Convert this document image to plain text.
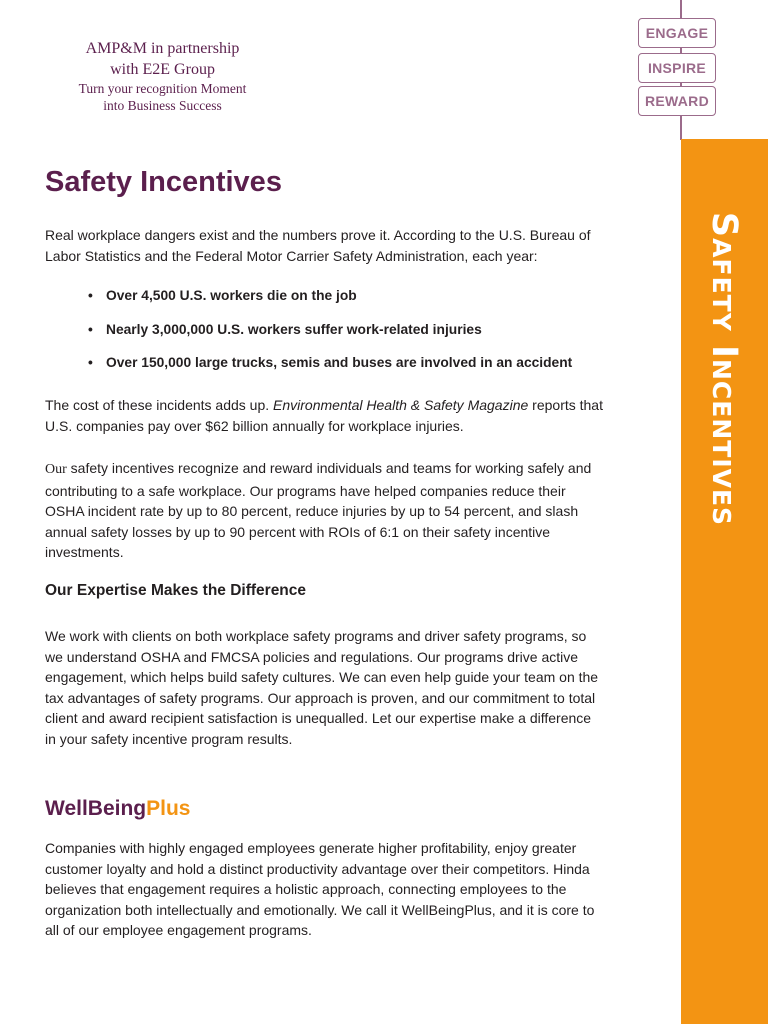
AMP&M in partnership
with E2E Group
Turn your recognition Moment
into Business Success
ENGAGE
INSPIRE
REWARD
Safety Incentives
Safety Incentives

Real workplace dangers exist and the numbers prove it. According to the U.S. Bureau of Labor Statistics and the Federal Motor Carrier Safety Administration, each year:

• Over 4,500 U.S. workers die on the job
• Nearly 3,000,000 U.S. workers suffer work-related injuries
• Over 150,000 large trucks, semis and buses are involved in an accident

The cost of these incidents adds up. Environmental Health & Safety Magazine reports that U.S. companies pay over $62 billion annually for workplace injuries.

Our safety incentives recognize and reward individuals and teams for working safely and contributing to a safe workplace. Our programs have helped companies reduce their OSHA incident rate by up to 80 percent, reduce injuries by up to 54 percent, and slash annual safety losses by up to 90 percent with ROIs of 6:1 on their safety incentive investments.

Our Expertise Makes the Difference

We work with clients on both workplace safety programs and driver safety programs, so we understand OSHA and FMCSA policies and regulations. Our programs drive active engagement, which helps build safety cultures. We can even help guide your team on the tax advantages of safety programs. Our approach is proven, and our commitment to total client and award recipient satisfaction is unequalled. Let our expertise make a difference in your safety incentive program results.

WellBeingPlus

Companies with highly engaged employees generate higher profitability, enjoy greater customer loyalty and hold a distinct productivity advantage over their competitors. Hinda believes that engagement requires a holistic approach, connecting employees to the organization both intellectually and emotionally. We call it WellBeingPlus, and it is core to all of our employee engagement programs.
